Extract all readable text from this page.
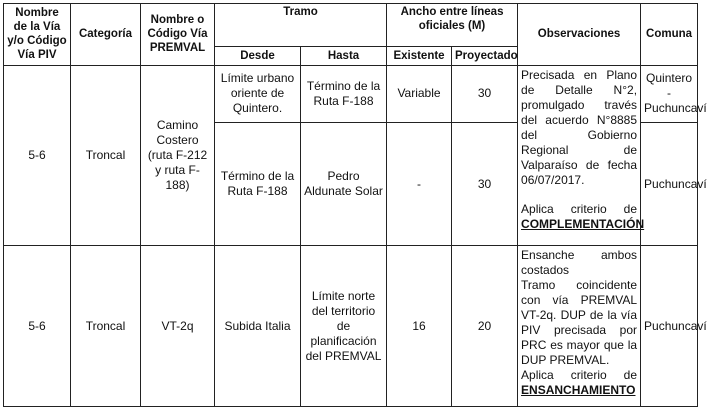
Nombre de la Vía y/o Código Vía PIV	Categoría	Nombre o Código Vía PREMVAL	Tramo		Ancho entre líneas oficiales (M)		Observaciones	Comuna
			Desde	Hasta	Existente	Proyectado		
5-6	Troncal	Camino Costero (ruta F-212 y ruta F-188)	Límite urbano oriente de Quintero.	Término de la Ruta F-188	Variable	30	Precisada en Plano de Detalle N°2, promulgado través del acuerdo N°8885 del Gobierno Regional de Valparaíso de fecha 06/07/2017.

Aplica criterio de COMPLEMENTACIÓN	Quintero - Puchuncaví
			Término de la Ruta F-188	Pedro Aldunate Solar	-	30		Puchuncaví
5-6	Troncal	VT-2q	Subida Italia	Límite norte del territorio de planificación del PREMVAL	16	20	Ensanche ambos costados

Tramo coincidente con vía PREMVAL VT-2q. DUP de la vía PIV precisada por PRC es mayor que la DUP PREMVAL.

Aplica criterio de ENSANCHAMIENTO	Puchuncaví
